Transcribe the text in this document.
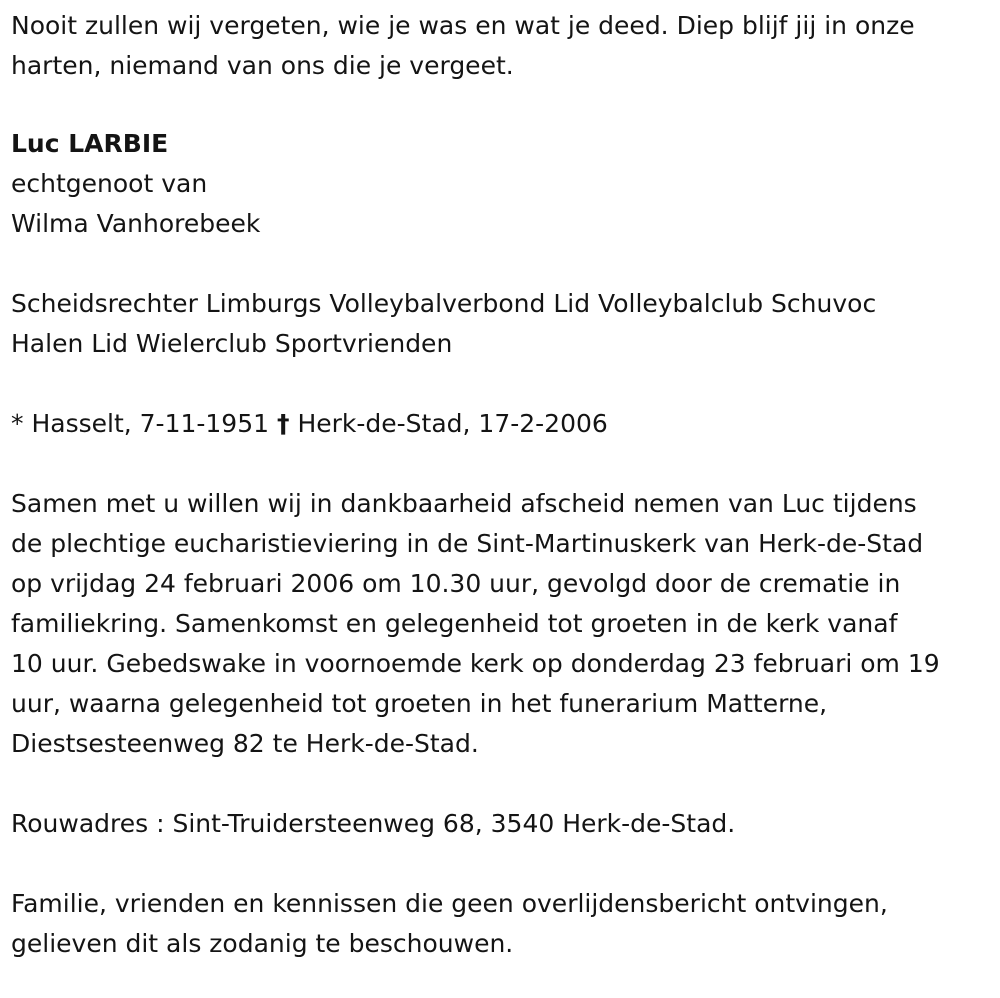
Nooit zullen wij vergeten, wie je was en wat je deed. Diep blijf jij in onze
harten, niemand van ons die je vergeet.
Luc LARBIE
echtgenoot van
Wilma Vanhorebeek
Scheidsrechter Limburgs Volleybalverbond Lid Volleybalclub Schuvoc
Halen Lid Wielerclub Sportvrienden
* Hasselt, 7-11-1951 † Herk-de-Stad, 17-2-2006
Samen met u willen wij in dankbaarheid afscheid nemen van Luc tijdens
de plechtige eucharistieviering in de Sint-Martinuskerk van Herk-de-Stad
op vrijdag 24 februari 2006 om 10.30 uur, gevolgd door de crematie in
familiekring. Samenkomst en gelegenheid tot groeten in de kerk vanaf
10 uur. Gebedswake in voornoemde kerk op donderdag 23 februari om 19
uur, waarna gelegenheid tot groeten in het funerarium Matterne,
Diestsesteenweg 82 te Herk-de-Stad.
Rouwadres : Sint-Truidersteenweg 68, 3540 Herk-de-Stad.
Familie, vrienden en kennissen die geen overlijdensbericht ontvingen,
gelieven dit als zodanig te beschouwen.
